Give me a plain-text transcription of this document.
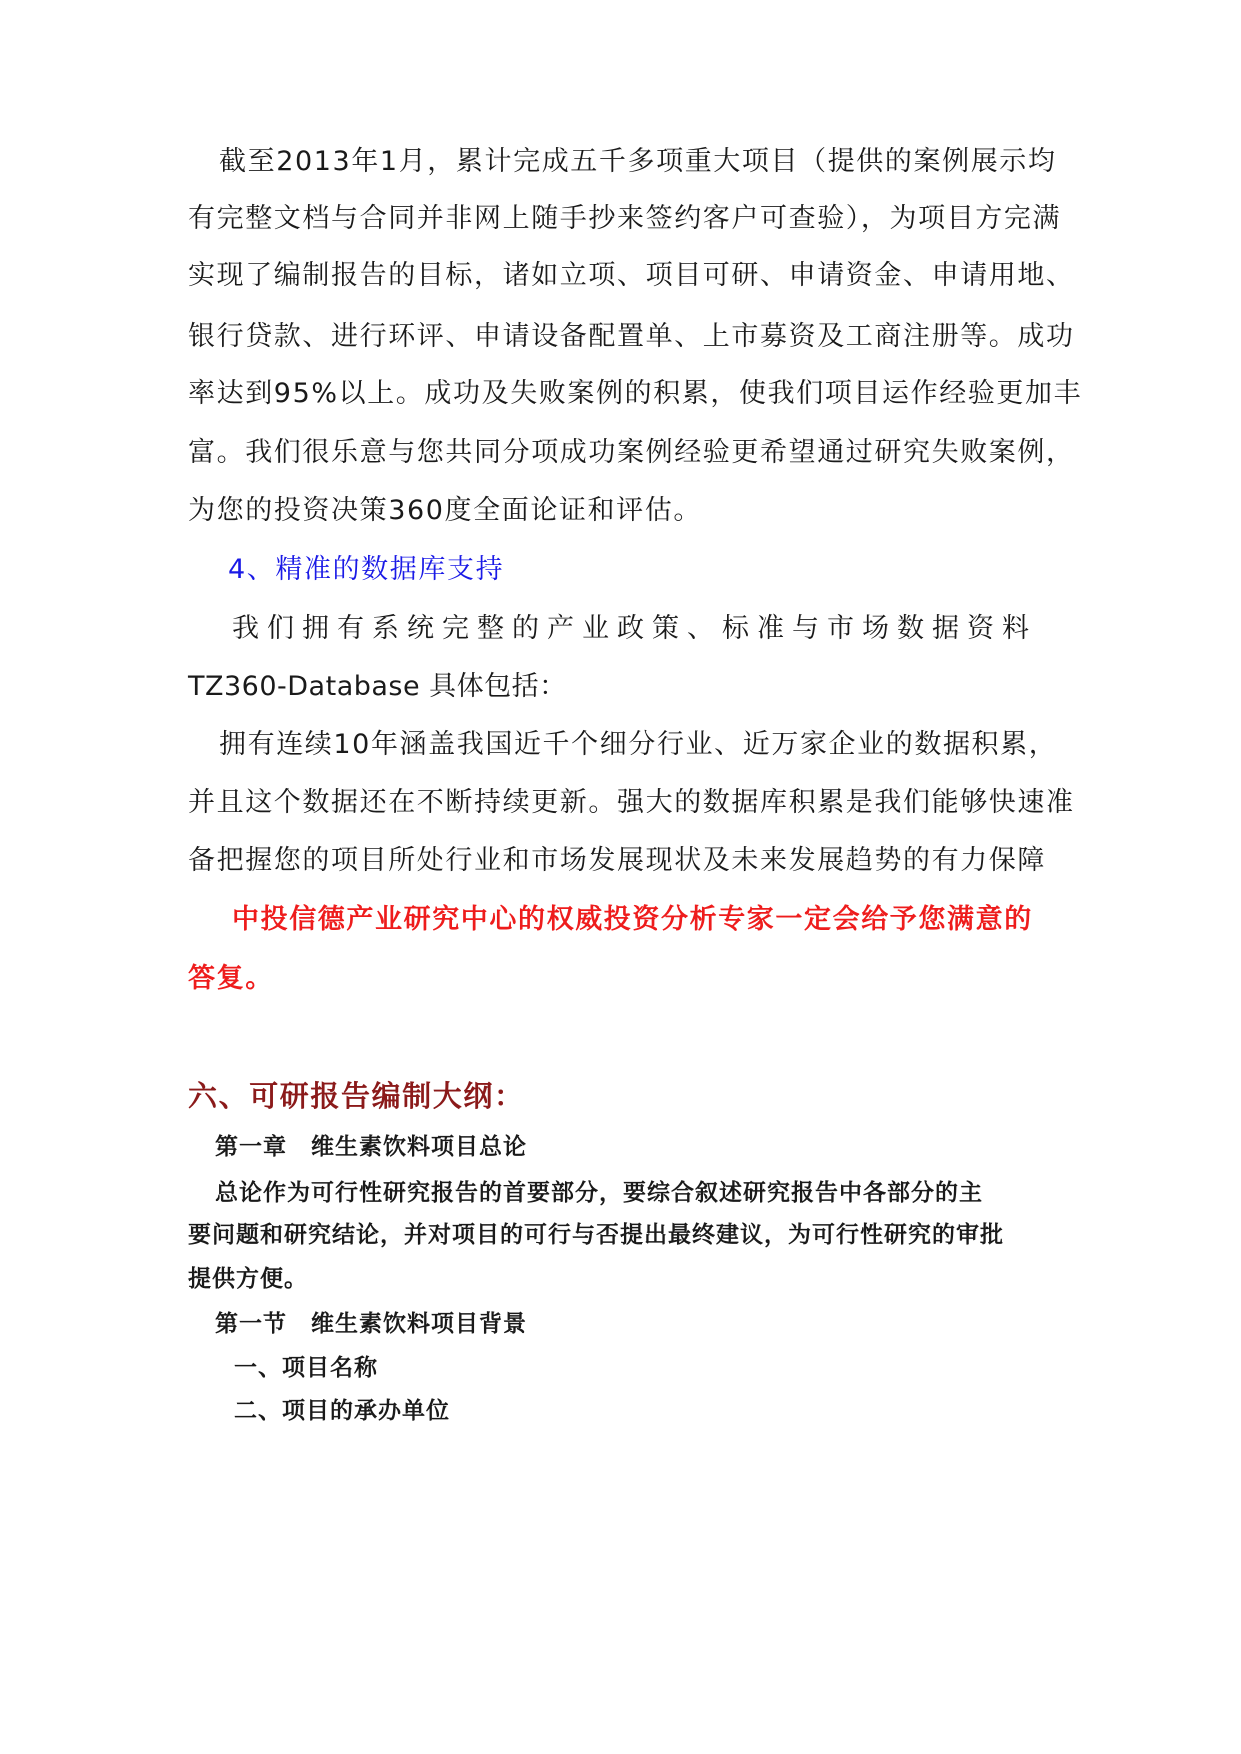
截至2013年1月，累计完成五千多项重大项目（提供的案例展示均
有完整文档与合同并非网上随手抄来签约客户可查验），为项目方完满
实现了编制报告的目标，诸如立项、项目可研、申请资金、申请用地、
银行贷款、进行环评、申请设备配置单、上市募资及工商注册等。成功
率达到95%以上。成功及失败案例的积累，使我们项目运作经验更加丰
富。我们很乐意与您共同分项成功案例经验更希望通过研究失败案例，
为您的投资决策360度全面论证和评估。
4、精准的数据库支持
我们拥有系统完整的产业政策、标准与市场数据资料
TZ360-Database 具体包括：
拥有连续10年涵盖我国近千个细分行业、近万家企业的数据积累，
并且这个数据还在不断持续更新。强大的数据库积累是我们能够快速准
备把握您的项目所处行业和市场发展现状及未来发展趋势的有力保障
中投信德产业研究中心的权威投资分析专家一定会给予您满意的
答复。
六、可研报告编制大纲：
第一章　维生素饮料项目总论
总论作为可行性研究报告的首要部分，要综合叙述研究报告中各部分的主
要问题和研究结论，并对项目的可行与否提出最终建议，为可行性研究的审批
提供方便。
第一节　维生素饮料项目背景
一、项目名称
二、项目的承办单位
